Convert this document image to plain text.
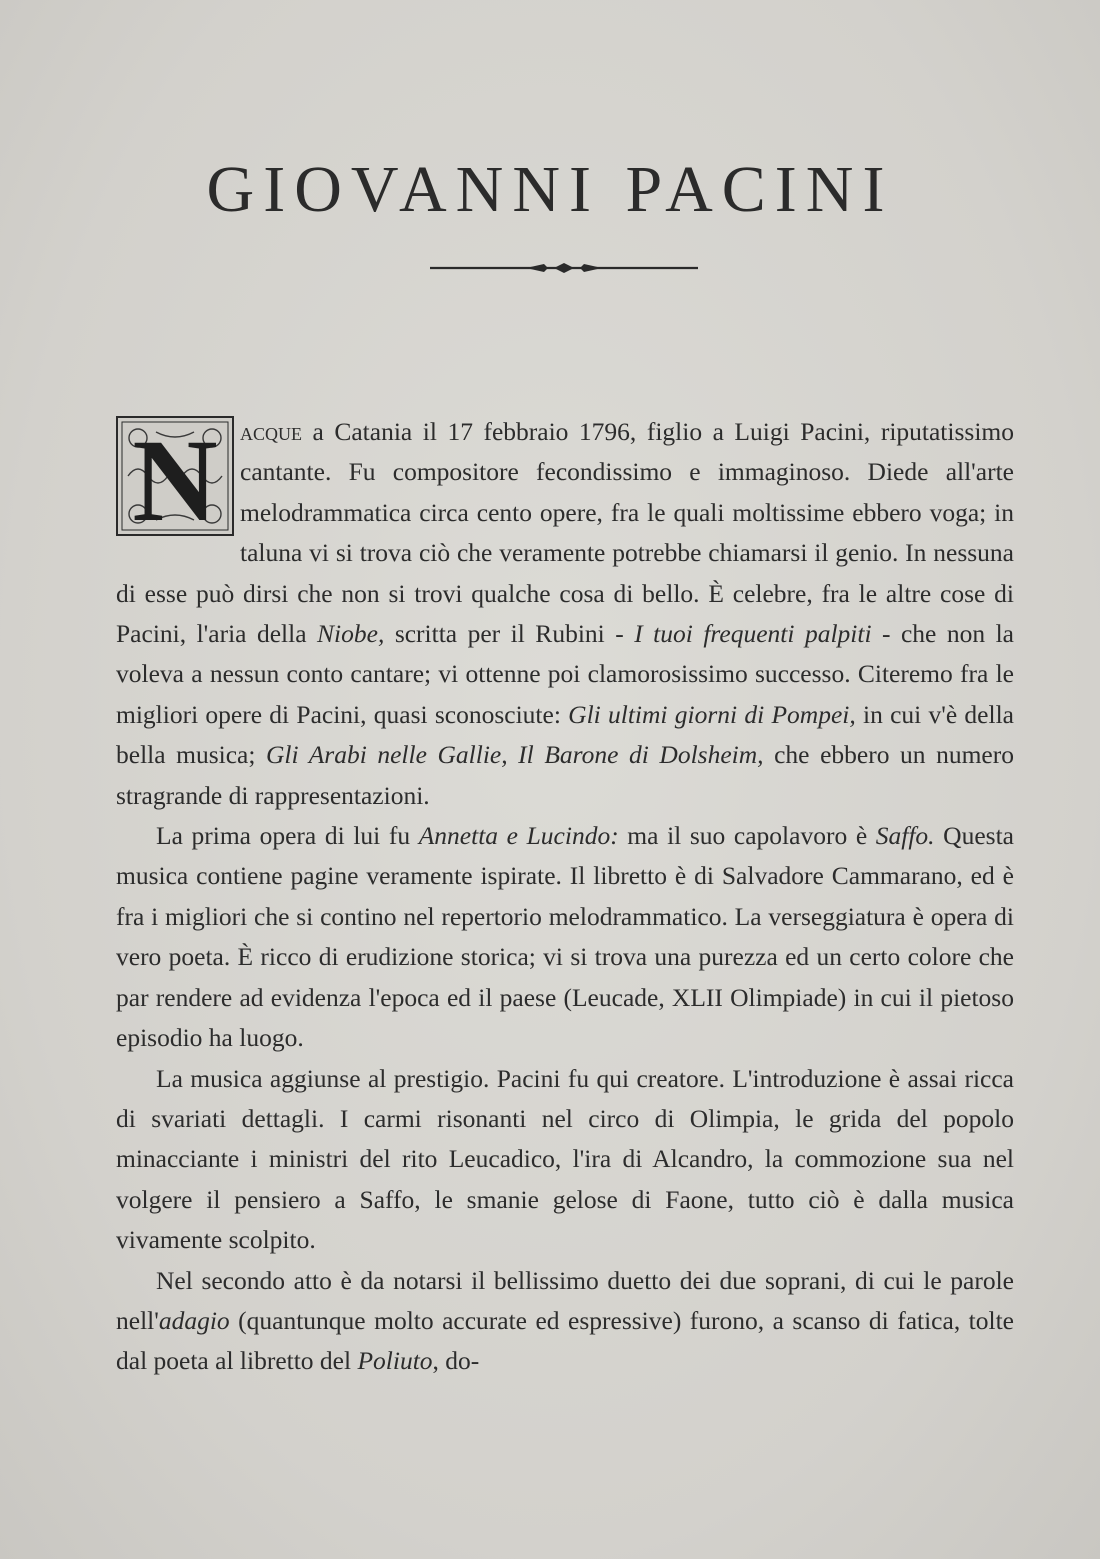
GIOVANNI PACINI

N acque a Catania il 17 febbraio 1796, figlio a Luigi Pacini, riputatissimo cantante. Fu compositore fecondissimo e immaginoso. Diede all'arte melodrammatica circa cento opere, fra le quali moltissime ebbero voga; in taluna vi si trova ciò che veramente potrebbe chiamarsi il genio. In nessuna di esse può dirsi che non si trovi qualche cosa di bello. È celebre, fra le altre cose di Pacini, l'aria della Niobe, scritta per il Rubini - I tuoi frequenti palpiti - che non la voleva a nessun conto cantare; vi ottenne poi clamorosissimo successo. Citeremo fra le migliori opere di Pacini, quasi sconosciute: Gli ultimi giorni di Pompei, in cui v'è della bella musica; Gli Arabi nelle Gallie, Il Barone di Dolsheim, che ebbero un numero stragrande di rappresentazioni.

La prima opera di lui fu Annetta e Lucindo: ma il suo capolavoro è Saffo. Questa musica contiene pagine veramente ispirate. Il libretto è di Salvadore Cammarano, ed è fra i migliori che si contino nel repertorio melodrammatico. La verseggiatura è opera di vero poeta. È ricco di erudizione storica; vi si trova una purezza ed un certo colore che par rendere ad evidenza l'epoca ed il paese (Leucade, XLII Olimpiade) in cui il pietoso episodio ha luogo.

La musica aggiunse al prestigio. Pacini fu qui creatore. L'introduzione è assai ricca di svariati dettagli. I carmi risonanti nel circo di Olimpia, le grida del popolo minacciante i ministri del rito Leucadico, l'ira di Alcandro, la commozione sua nel volgere il pensiero a Saffo, le smanie gelose di Faone, tutto ciò è dalla musica vivamente scolpito.

Nel secondo atto è da notarsi il bellissimo duetto dei due soprani, di cui le parole nell'adagio (quantunque molto accurate ed espressive) furono, a scanso di fatica, tolte dal poeta al libretto del Poliuto, do-
